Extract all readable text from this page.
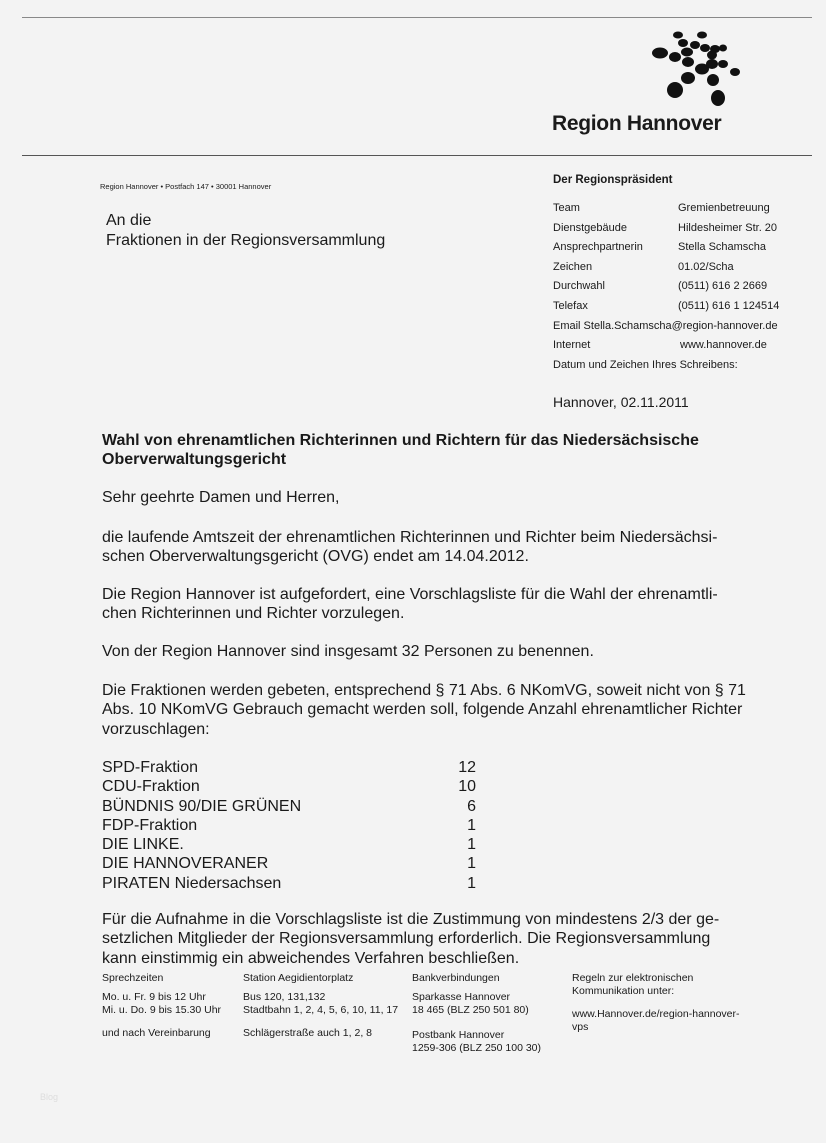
Region Hannover
Region Hannover • Postfach 147 • 30001 Hannover
An die
Fraktionen in der Regionsversammlung
Der Regionspräsident
Team	Gremienbetreuung
Dienstgebäude	Hildesheimer Str. 20
Ansprechpartnerin	Stella Schamscha
Zeichen	01.02/Scha
Durchwahl	(0511) 616 2 2669
Telefax	(0511) 616 1 124514
Email Stella.Schamscha@region-hannover.de
Internet	www.hannover.de
Datum und Zeichen Ihres Schreibens:
Hannover, 02.11.2011
Wahl von ehrenamtlichen Richterinnen und Richtern für das Niedersächsische
Oberverwaltungsgericht
Sehr geehrte Damen und Herren,
die laufende Amtszeit der ehrenamtlichen Richterinnen und Richter beim Niedersächsi-
schen Oberverwaltungsgericht (OVG) endet am 14.04.2012.
Die Region Hannover ist aufgefordert, eine Vorschlagsliste für die Wahl der ehrenamtli-
chen Richterinnen und Richter vorzulegen.
Von der Region Hannover sind insgesamt 32 Personen zu benennen.
Die Fraktionen werden gebeten, entsprechend § 71 Abs. 6 NKomVG, soweit nicht von § 71
Abs. 10 NKomVG Gebrauch gemacht werden soll, folgende Anzahl ehrenamtlicher Richter
vorzuschlagen:
SPD-Fraktion	12
CDU-Fraktion	10
BÜNDNIS 90/DIE GRÜNEN	6
FDP-Fraktion	1
DIE LINKE.	1
DIE HANNOVERANER	1
PIRATEN Niedersachsen	1
Für die Aufnahme in die Vorschlagsliste ist die Zustimmung von mindestens 2/3 der ge-
setzlichen Mitglieder der Regionsversammlung erforderlich. Die Regionsversammlung
kann einstimmig ein abweichendes Verfahren beschließen.
Sprechzeiten
Mo. u. Fr. 9 bis 12 Uhr
Mi. u. Do. 9 bis 15.30 Uhr
und nach Vereinbarung
Station Aegidientorplatz
Bus 120, 131,132
Stadtbahn 1, 2, 4, 5, 6, 10, 11, 17
Schlägerstraße auch 1, 2, 8
Bankverbindungen
Sparkasse Hannover
18 465 (BLZ 250 501 80)
Postbank Hannover
1259-306 (BLZ 250 100 30)
Regeln zur elektronischen Kommunikation unter:
www.Hannover.de/region-hannover-vps
Blog
